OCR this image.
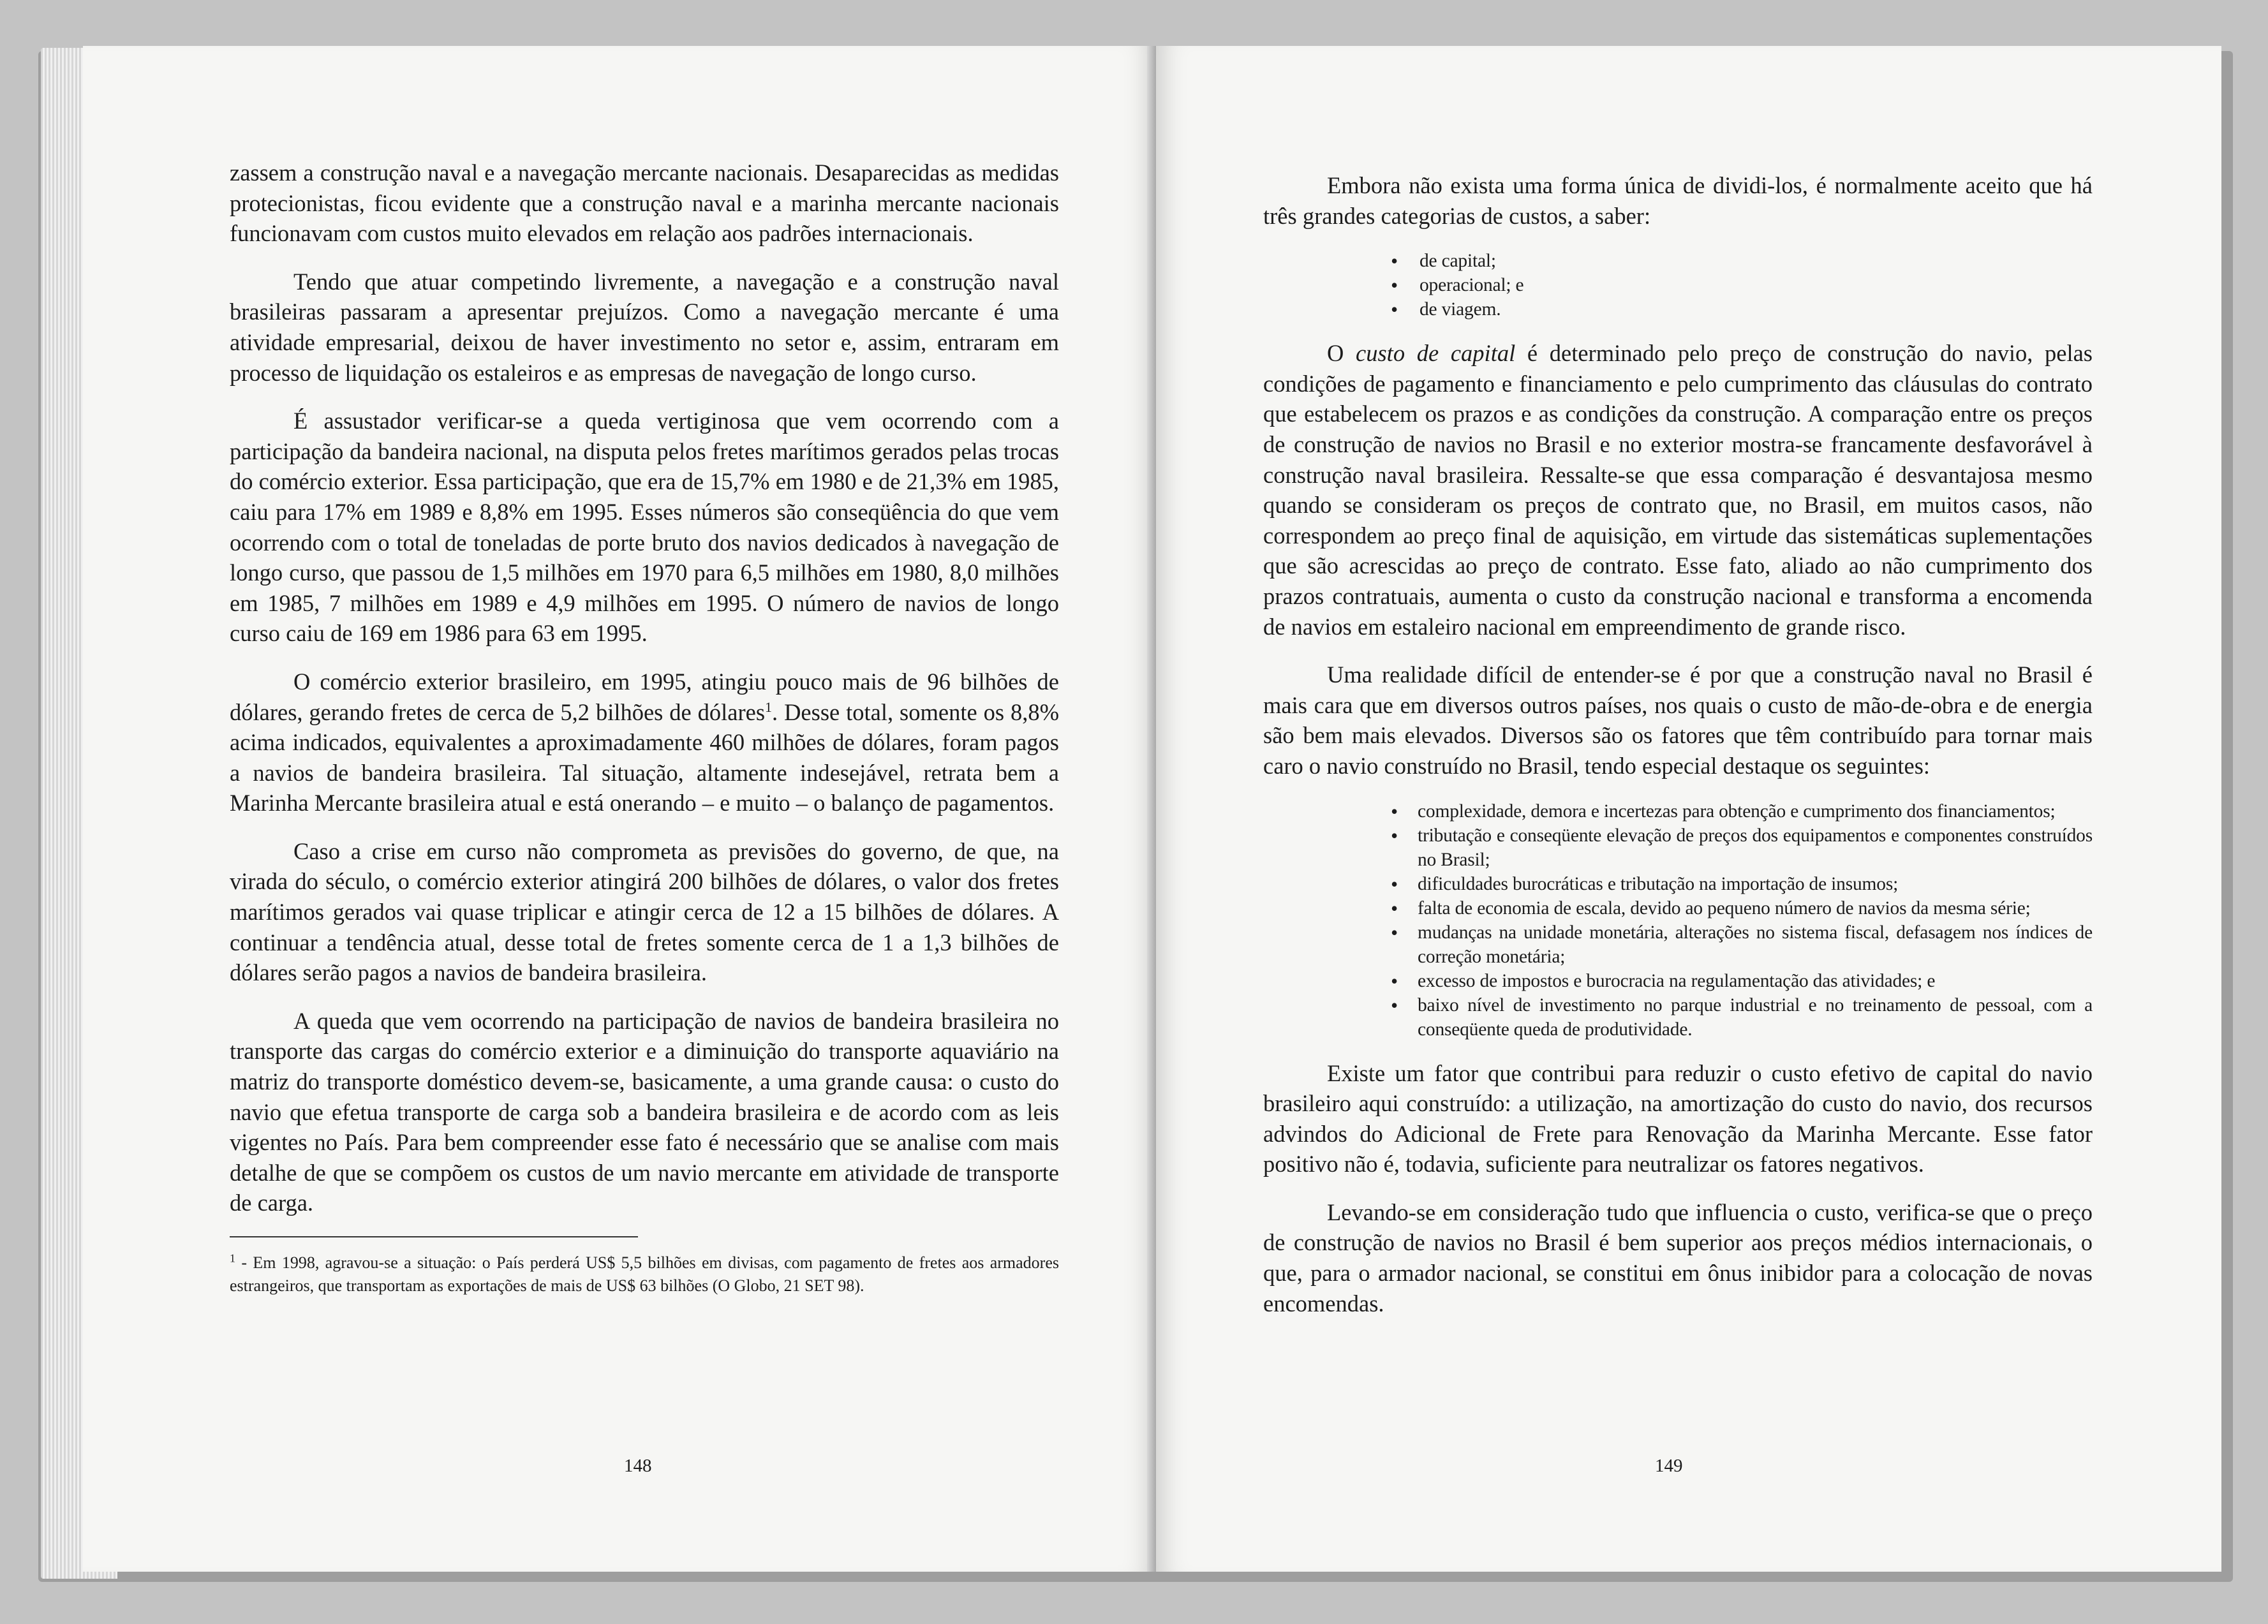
zassem a construção naval e a navegação mercante nacionais. Desaparecidas as medidas protecionistas, ficou evidente que a construção naval e a marinha mercante nacionais funcionavam com custos muito elevados em relação aos padrões internacionais.

Tendo que atuar competindo livremente, a navegação e a construção naval brasileiras passaram a apresentar prejuízos. Como a navegação mercante é uma atividade empresarial, deixou de haver investimento no setor e, assim, entraram em processo de liquidação os estaleiros e as empresas de navegação de longo curso.

É assustador verificar-se a queda vertiginosa que vem ocorrendo com a participação da bandeira nacional, na disputa pelos fretes marítimos gerados pelas trocas do comércio exterior. Essa participação, que era de 15,7% em 1980 e de 21,3% em 1985, caiu para 17% em 1989 e 8,8% em 1995. Esses números são conseqüência do que vem ocorrendo com o total de toneladas de porte bruto dos navios dedicados à navegação de longo curso, que passou de 1,5 milhões em 1970 para 6,5 milhões em 1980, 8,0 milhões em 1985, 7 milhões em 1989 e 4,9 milhões em 1995. O número de navios de longo curso caiu de 169 em 1986 para 63 em 1995.

O comércio exterior brasileiro, em 1995, atingiu pouco mais de 96 bilhões de dólares, gerando fretes de cerca de 5,2 bilhões de dólares$^1$. Desse total, somente os 8,8% acima indicados, equivalentes a aproximadamente 460 milhões de dólares, foram pagos a navios de bandeira brasileira. Tal situação, altamente indesejável, retrata bem a Marinha Mercante brasileira atual e está onerando – e muito – o balanço de pagamentos.

Caso a crise em curso não comprometa as previsões do governo, de que, na virada do século, o comércio exterior atingirá 200 bilhões de dólares, o valor dos fretes marítimos gerados vai quase triplicar e atingir cerca de 12 a 15 bilhões de dólares. A continuar a tendência atual, desse total de fretes somente cerca de 1 a 1,3 bilhões de dólares serão pagos a navios de bandeira brasileira.

A queda que vem ocorrendo na participação de navios de bandeira brasileira no transporte das cargas do comércio exterior e a diminuição do transporte aquaviário na matriz do transporte doméstico devem-se, basicamente, a uma grande causa: o custo do navio que efetua transporte de carga sob a bandeira brasileira e de acordo com as leis vigentes no País. Para bem compreender esse fato é necessário que se analise com mais detalhe de que se compõem os custos de um navio mercante em atividade de transporte de carga.

$^1$ - Em 1998, agravou-se a situação: o País perderá US$ 5,5 bilhões em divisas, com pagamento de fretes aos armadores estrangeiros, que transportam as exportações de mais de US$ 63 bilhões (O Globo, 21 SET 98).
148

Embora não exista uma forma única de dividi-los, é normalmente aceito que há três grandes categorias de custos, a saber:

• de capital;
• operacional; e
• de viagem.

O custo de capital é determinado pelo preço de construção do navio, pelas condições de pagamento e financiamento e pelo cumprimento das cláusulas do contrato que estabelecem os prazos e as condições da construção. A comparação entre os preços de construção de navios no Brasil e no exterior mostra-se francamente desfavorável à construção naval brasileira. Ressalte-se que essa comparação é desvantajosa mesmo quando se consideram os preços de contrato que, no Brasil, em muitos casos, não correspondem ao preço final de aquisição, em virtude das sistemáticas suplementações que são acrescidas ao preço de contrato. Esse fato, aliado ao não cumprimento dos prazos contratuais, aumenta o custo da construção nacional e transforma a encomenda de navios em estaleiro nacional em empreendimento de grande risco.

Uma realidade difícil de entender-se é por que a construção naval no Brasil é mais cara que em diversos outros países, nos quais o custo de mão-de-obra e de energia são bem mais elevados. Diversos são os fatores que têm contribuído para tornar mais caro o navio construído no Brasil, tendo especial destaque os seguintes:

• complexidade, demora e incertezas para obtenção e cumprimento dos financiamentos;
• tributação e conseqüente elevação de preços dos equipamentos e componentes construídos no Brasil;
• dificuldades burocráticas e tributação na importação de insumos;
• falta de economia de escala, devido ao pequeno número de navios da mesma série;
• mudanças na unidade monetária, alterações no sistema fiscal, defasagem nos índices de correção monetária;
• excesso de impostos e burocracia na regulamentação das atividades; e
• baixo nível de investimento no parque industrial e no treinamento de pessoal, com a conseqüente queda de produtividade.

Existe um fator que contribui para reduzir o custo efetivo de capital do navio brasileiro aqui construído: a utilização, na amortização do custo do navio, dos recursos advindos do Adicional de Frete para Renovação da Marinha Mercante. Esse fator positivo não é, todavia, suficiente para neutralizar os fatores negativos.

Levando-se em consideração tudo que influencia o custo, verifica-se que o preço de construção de navios no Brasil é bem superior aos preços médios internacionais, o que, para o armador nacional, se constitui em ônus inibidor para a colocação de novas encomendas.

149
